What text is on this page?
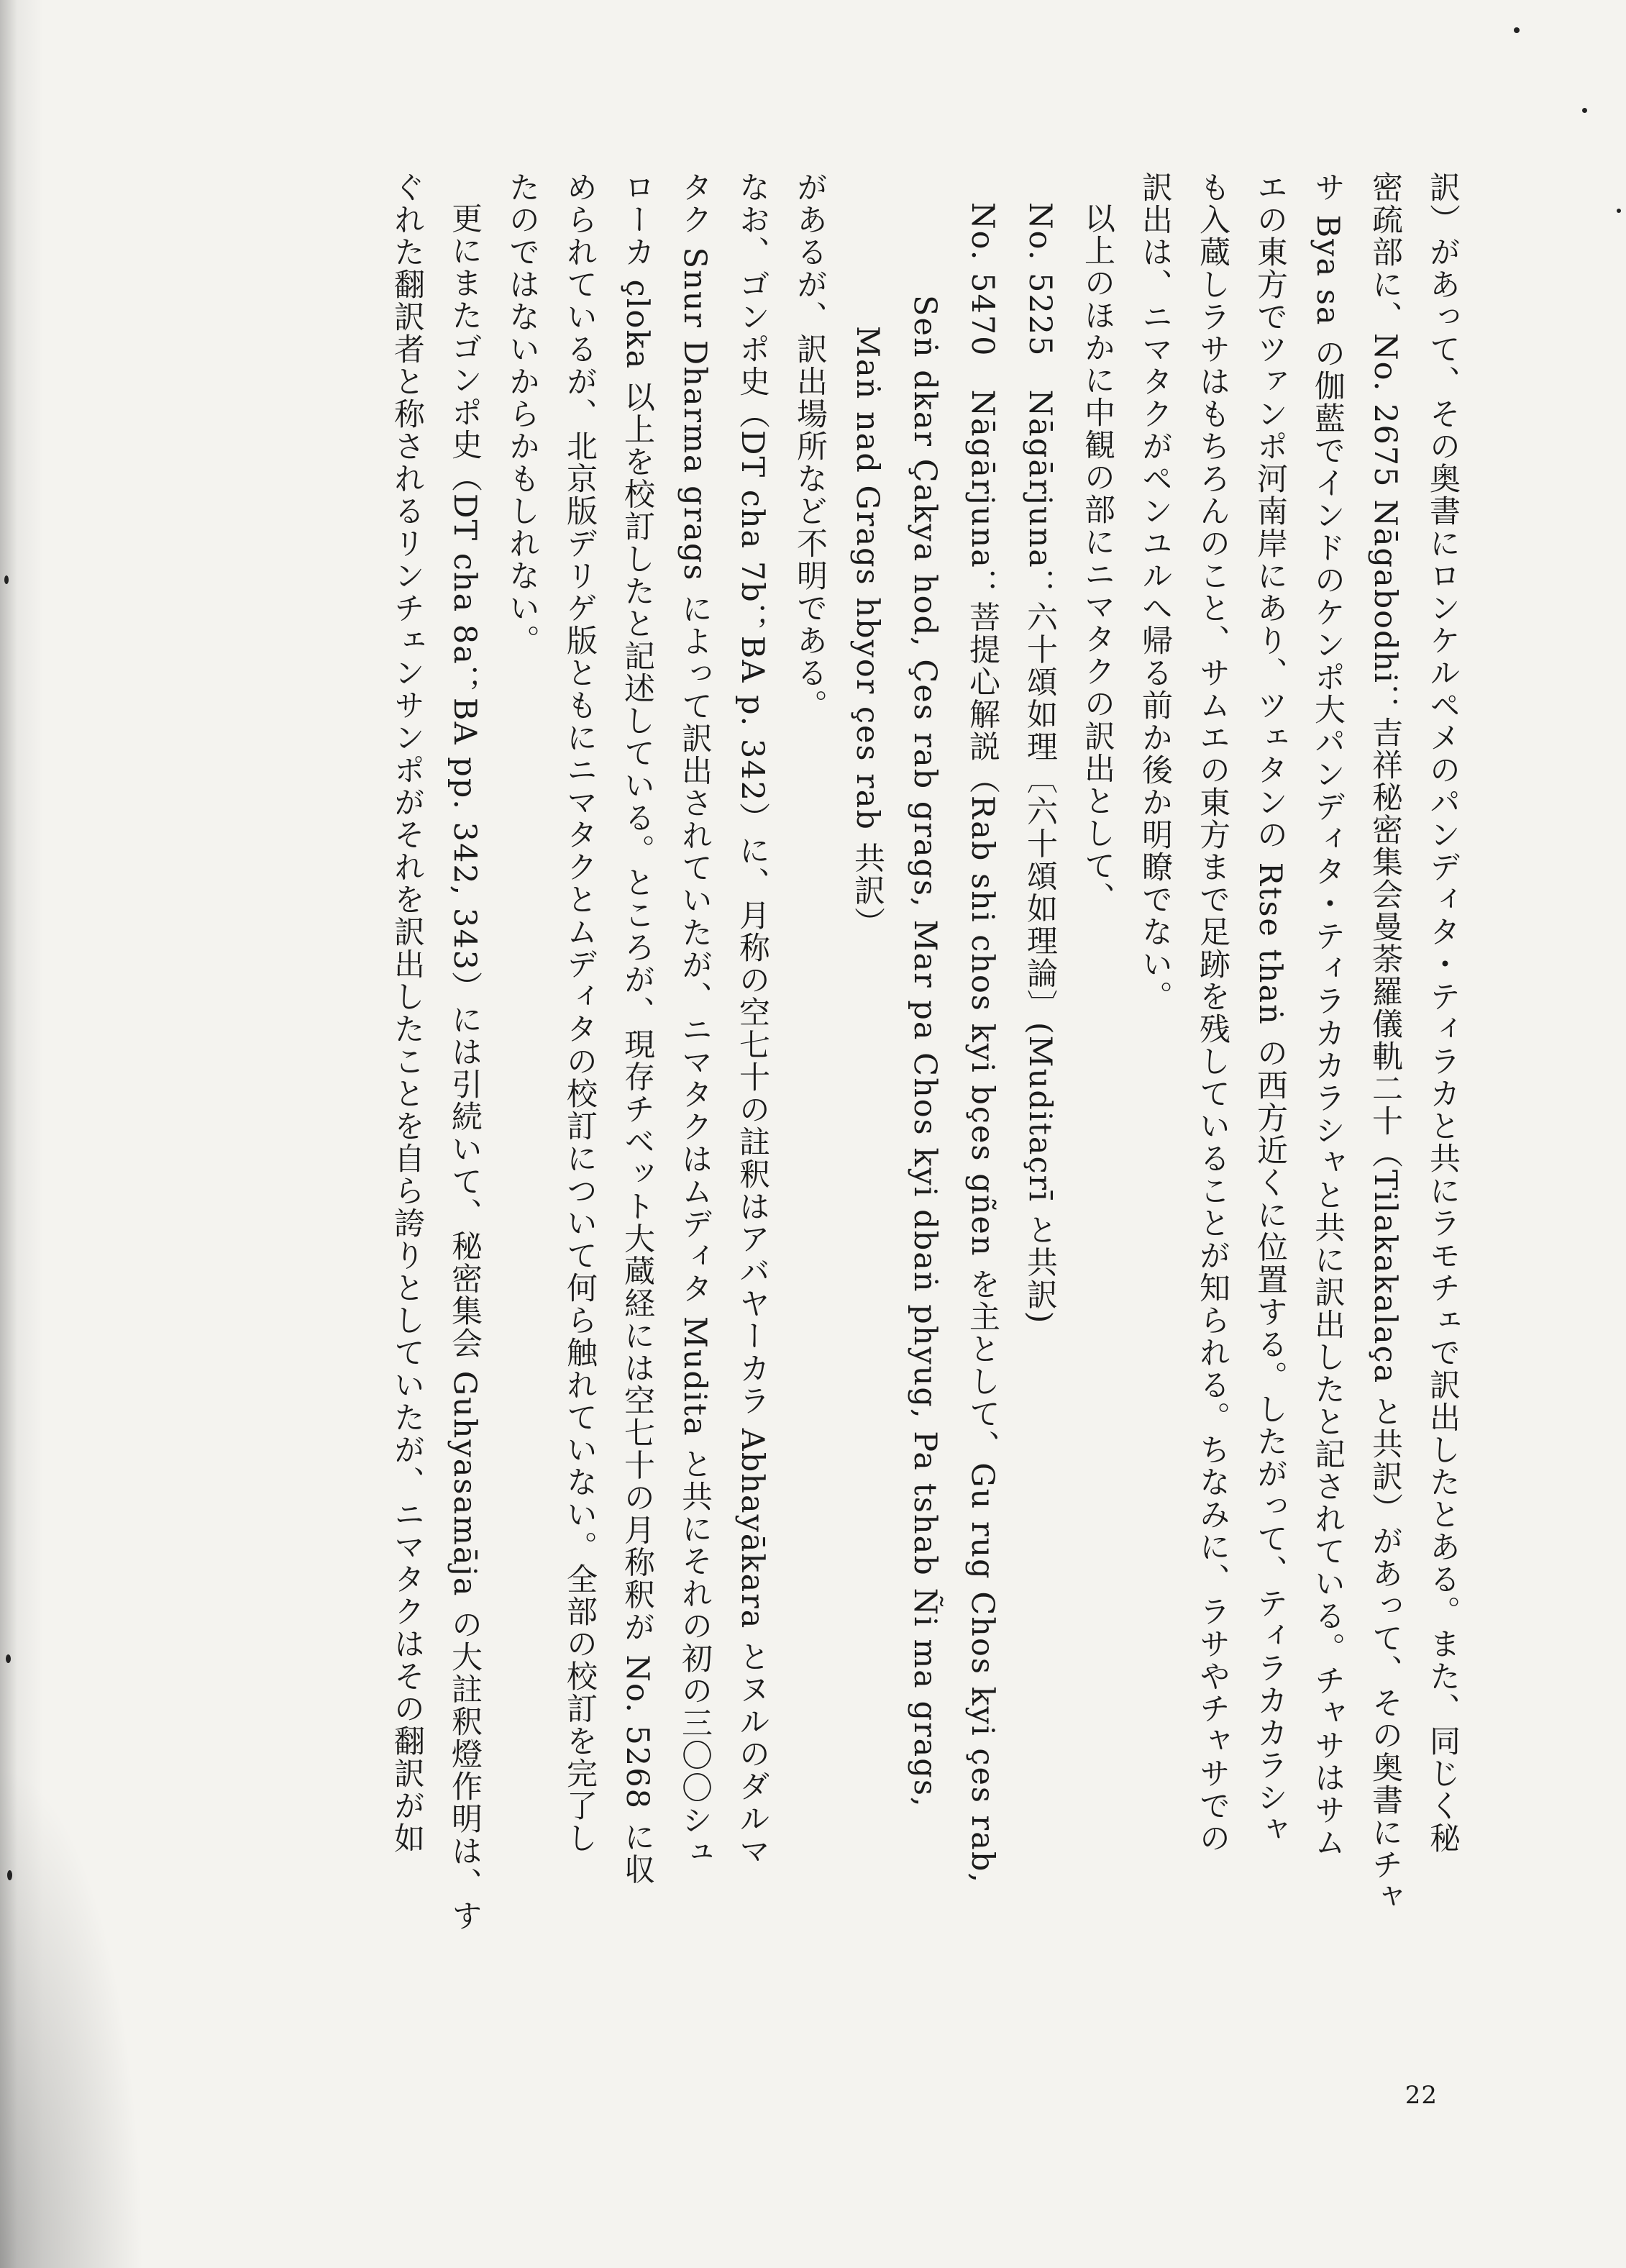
訳）があって、その奥書にロンケルペメのパンディタ・ティラカと共にラモチェで訳出したとある。また、同じく秘
密疏部に、No. 2675 Nāgabodhi：吉祥秘密集会曼荼羅儀軌二十（Tilakakalaça と共訳）があって、その奥書にチャ
サ Bya sa の伽藍でインドのケンポ大パンディタ・ティラカカラシャと共に訳出したと記されている。チャサはサム
エの東方でツァンポ河南岸にあり、ツェタンの Rtse thaṅ の西方近くに位置する。したがって、ティラカカラシャ
も入蔵しラサはもちろんのこと、サムエの東方まで足跡を残していることが知られる。ちなみに、ラサやチャサでの
訳出は、ニマタクがペンユルへ帰る前か後か明瞭でない。
以上のほかに中観の部にニマタクの訳出として、
No. 5225　Nāgārjuna：六十頌如理〔六十頌如理論〕(Muditaçrī と共訳)
No. 5470　Nāgārjuna：菩提心解説（Rab shi chos kyi bçes gñen を主として、Gu rug Chos kyi çes rab,
Seṅ dkar Çakya hod, Çes rab grags, Mar pa Chos kyi dbaṅ phyug, Pa tshab Ñi ma grags,
Maṅ nad Grags hbyor çes rab 共訳）
があるが、訳出場所など不明である。
なお、ゴンポ史（DT cha 7b；BA p. 342）に、月称の空七十の註釈はアバヤーカラ Abhayākara とヌルのダルマ
タク Snur Dharma grags によって訳出されていたが、ニマタクはムディタ Mudita と共にそれの初の三〇〇シュ
ローカ çloka 以上を校訂したと記述している。ところが、現存チベット大蔵経には空七十の月称釈が No. 5268 に収
められているが、北京版デリゲ版ともにニマタクとムディタの校訂について何ら触れていない。全部の校訂を完了し
たのではないからかもしれない。
更にまたゴンポ史（DT cha 8a；BA pp. 342, 343）には引続いて、秘密集会 Guhyasamāja の大註釈燈作明は、す
ぐれた翻訳者と称されるリンチェンサンポがそれを訳出したことを自ら誇りとしていたが、ニマタクはその翻訳が如
22
